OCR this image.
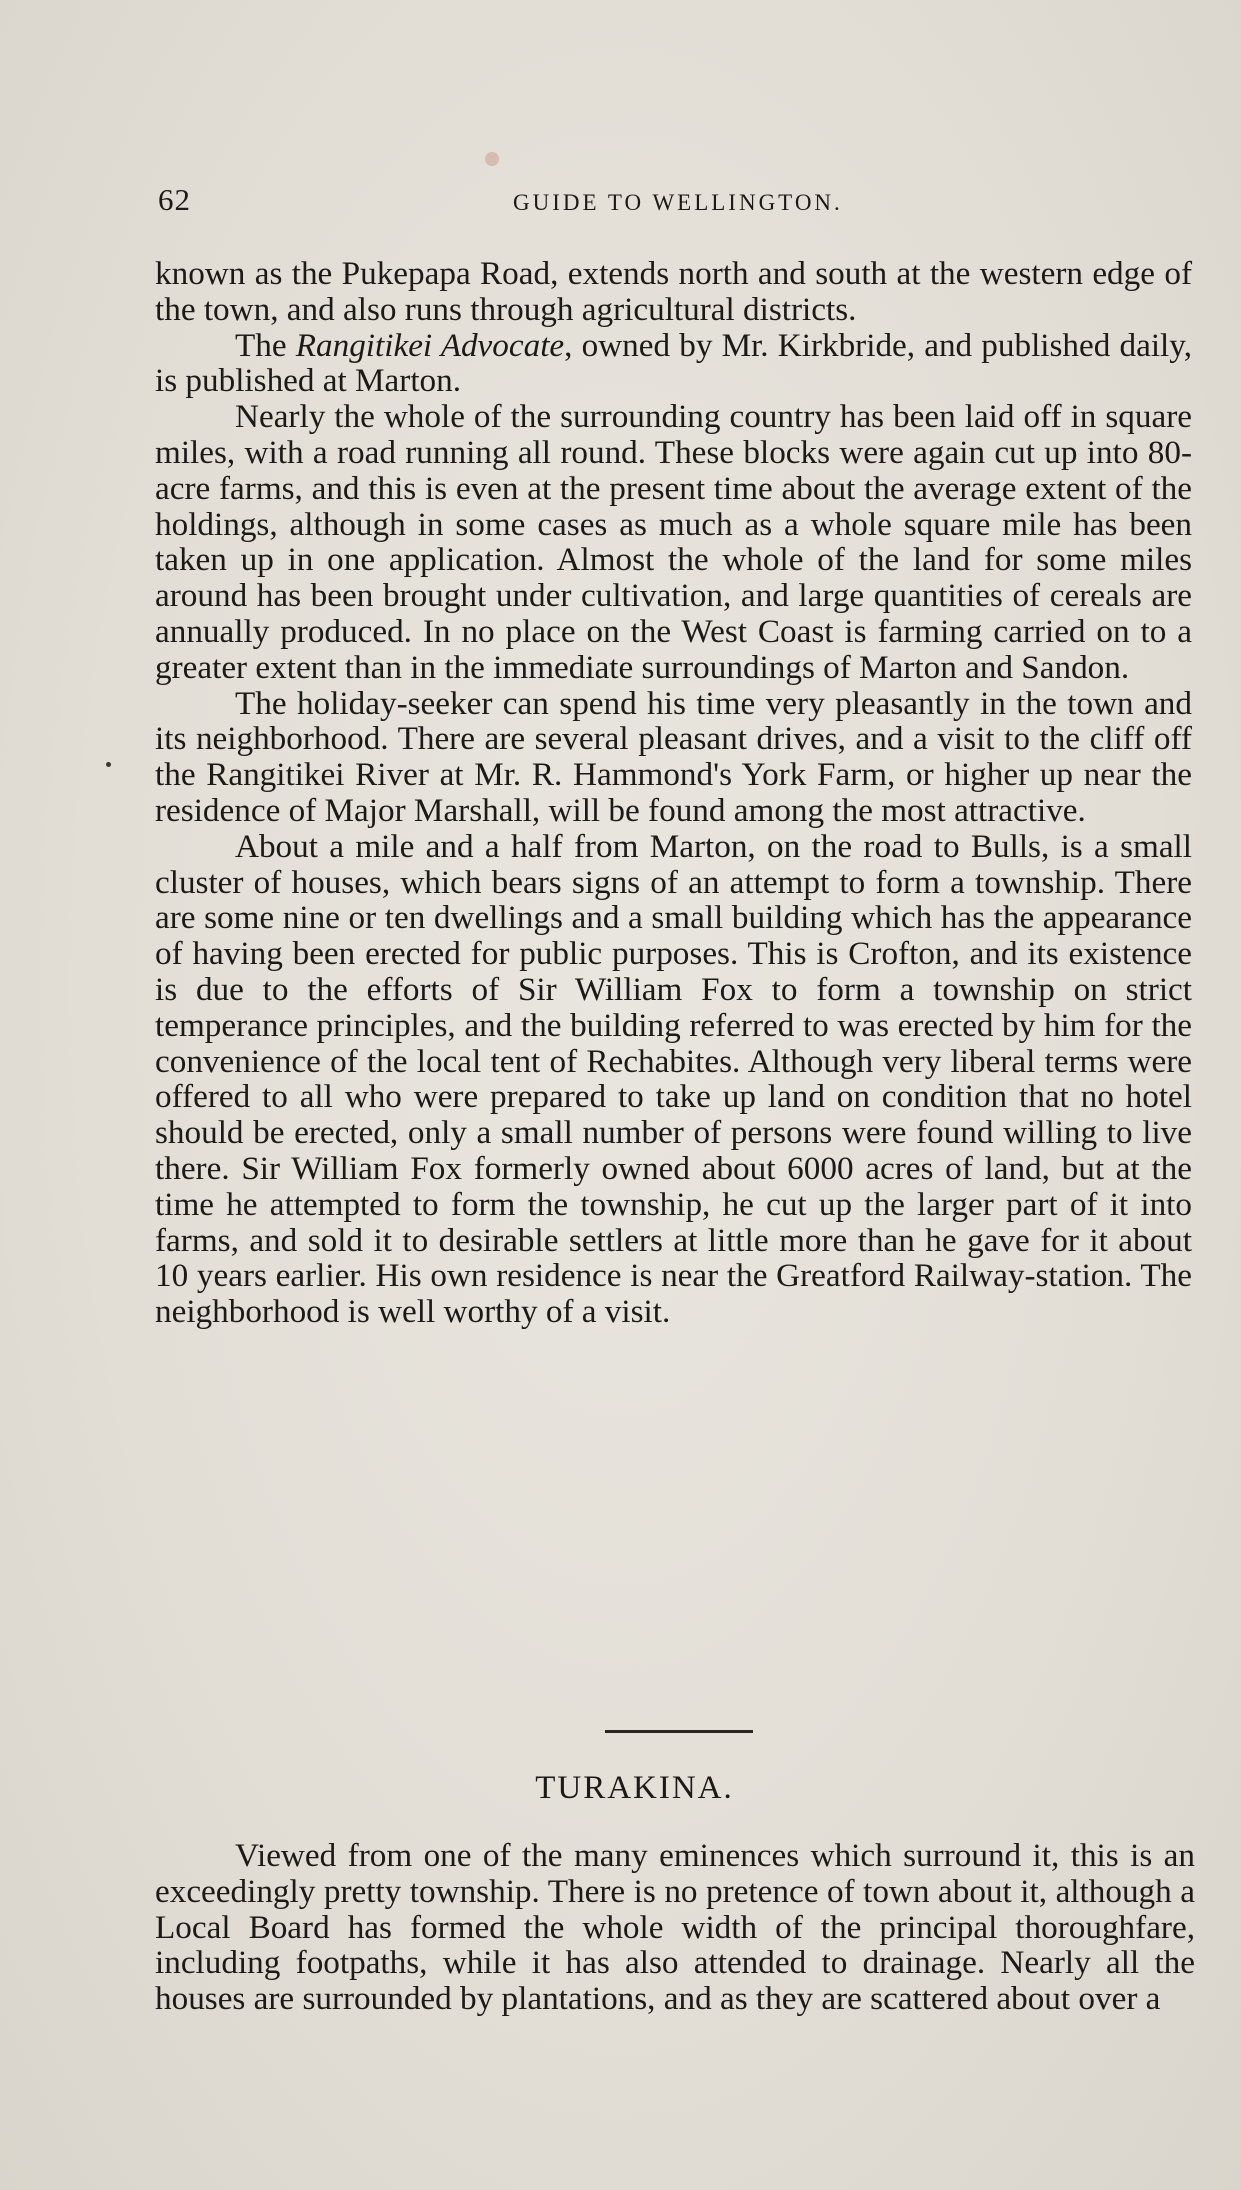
62	GUIDE TO WELLINGTON.

known as the Pukepapa Road, extends north and south at the western edge of the town, and also runs through agricultural districts.

The Rangitikei Advocate, owned by Mr. Kirkbride, and published daily, is published at Marton.

Nearly the whole of the surrounding country has been laid off in square miles, with a road running all round. These blocks were again cut up into 80-acre farms, and this is even at the present time about the average extent of the holdings, although in some cases as much as a whole square mile has been taken up in one application. Almost the whole of the land for some miles around has been brought under cultivation, and large quantities of cereals are annually produced. In no place on the West Coast is farming carried on to a greater extent than in the immediate surroundings of Marton and Sandon.

The holiday-seeker can spend his time very pleasantly in the town and its neighborhood. There are several pleasant drives, and a visit to the cliff off the Rangitikei River at Mr. R. Hammond's York Farm, or higher up near the residence of Major Marshall, will be found among the most attractive.

About a mile and a half from Marton, on the road to Bulls, is a small cluster of houses, which bears signs of an attempt to form a township. There are some nine or ten dwellings and a small building which has the appearance of having been erected for public purposes. This is Crofton, and its existence is due to the efforts of Sir William Fox to form a township on strict temperance principles, and the building referred to was erected by him for the convenience of the local tent of Rechabites. Although very liberal terms were offered to all who were prepared to take up land on condition that no hotel should be erected, only a small number of persons were found willing to live there. Sir William Fox formerly owned about 6000 acres of land, but at the time he attempted to form the township, he cut up the larger part of it into farms, and sold it to desirable settlers at little more than he gave for it about 10 years earlier. His own residence is near the Greatford Railway-station. The neighborhood is well worthy of a visit.

TURAKINA.

Viewed from one of the many eminences which surround it, this is an exceedingly pretty township. There is no pretence of town about it, although a Local Board has formed the whole width of the principal thoroughfare, including footpaths, while it has also attended to drainage. Nearly all the houses are surrounded by plantations, and as they are scattered about over a
